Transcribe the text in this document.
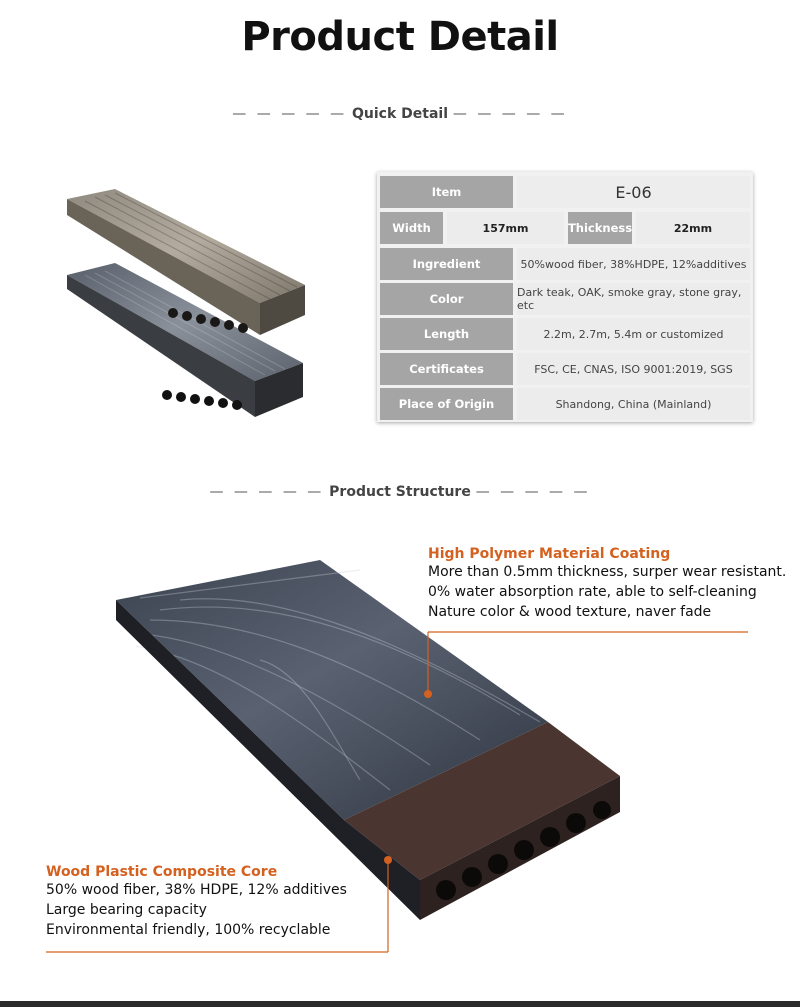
Product Detail
— — — — — Quick Detail — — — — —
Item	E-06
Width	157mm	Thickness	22mm
Ingredient	50%wood fiber, 38%HDPE, 12%additives
Color	Dark teak, OAK, smoke gray, stone gray, etc
Length	2.2m, 2.7m, 5.4m or customized
Certificates	FSC, CE, CNAS, ISO 9001:2019, SGS
Place of Origin	Shandong, China (Mainland)
— — — — — Product Structure — — — — —
High Polymer Material Coating
More than 0.5mm thickness, surper wear resistant.
0% water absorption rate, able to self-cleaning
Nature color & wood texture, naver fade
Wood Plastic Composite Core
50% wood fiber, 38% HDPE, 12% additives
Large bearing capacity
Environmental friendly, 100% recyclable
